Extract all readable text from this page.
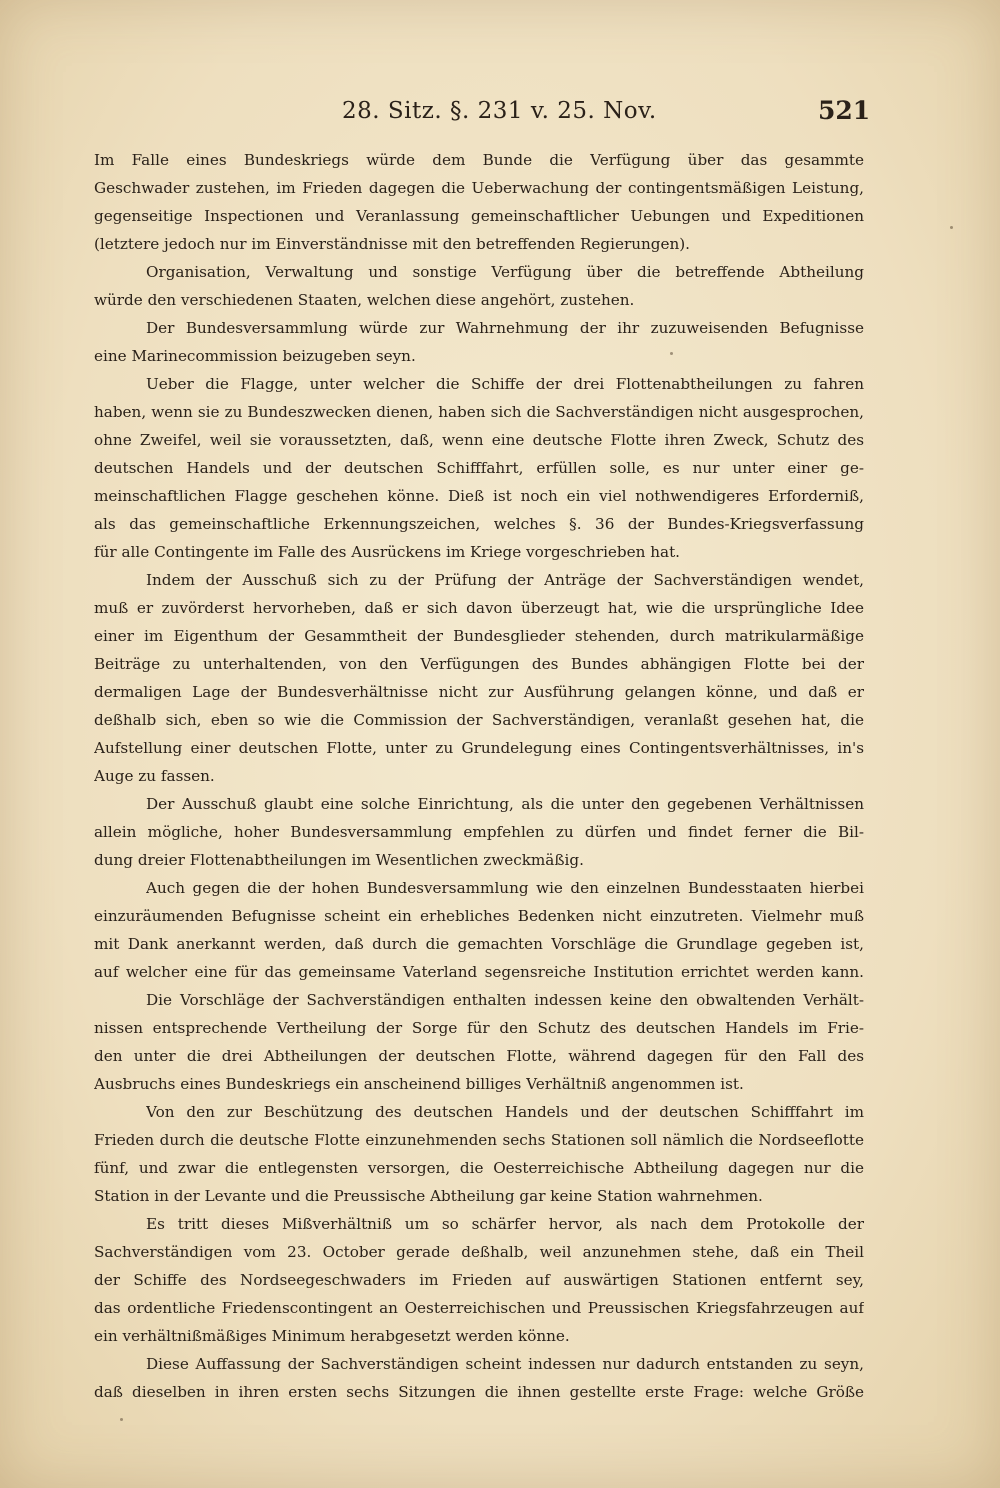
28. Sitz. §. 231 v. 25. Nov.	521
Im Falle eines Bundeskriegs würde dem Bunde die Verfügung über das gesammte
Geschwader zustehen, im Frieden dagegen die Ueberwachung der contingentsmäßigen Leistung,
gegenseitige Inspectionen und Veranlassung gemeinschaftlicher Uebungen und Expeditionen
(letztere jedoch nur im Einverständnisse mit den betreffenden Regierungen).
Organisation, Verwaltung und sonstige Verfügung über die betreffende Abtheilung
würde den verschiedenen Staaten, welchen diese angehört, zustehen.
Der Bundesversammlung würde zur Wahrnehmung der ihr zuzuweisenden Befugnisse
eine Marinecommission beizugeben seyn.
Ueber die Flagge, unter welcher die Schiffe der drei Flottenabtheilungen zu fahren
haben, wenn sie zu Bundeszwecken dienen, haben sich die Sachverständigen nicht ausgesprochen,
ohne Zweifel, weil sie voraussetzten, daß, wenn eine deutsche Flotte ihren Zweck, Schutz des
deutschen Handels und der deutschen Schifffahrt, erfüllen solle, es nur unter einer ge-
meinschaftlichen Flagge geschehen könne. Dieß ist noch ein viel nothwendigeres Erforderniß,
als das gemeinschaftliche Erkennungszeichen, welches §. 36 der Bundes-Kriegsverfassung
für alle Contingente im Falle des Ausrückens im Kriege vorgeschrieben hat.
Indem der Ausschuß sich zu der Prüfung der Anträge der Sachverständigen wendet,
muß er zuvörderst hervorheben, daß er sich davon überzeugt hat, wie die ursprüngliche Idee
einer im Eigenthum der Gesammtheit der Bundesglieder stehenden, durch matrikularmäßige
Beiträge zu unterhaltenden, von den Verfügungen des Bundes abhängigen Flotte bei der
dermaligen Lage der Bundesverhältnisse nicht zur Ausführung gelangen könne, und daß er
deßhalb sich, eben so wie die Commission der Sachverständigen, veranlaßt gesehen hat, die
Aufstellung einer deutschen Flotte, unter zu Grundelegung eines Contingentsverhältnisses, in's
Auge zu fassen.
Der Ausschuß glaubt eine solche Einrichtung, als die unter den gegebenen Verhältnissen
allein mögliche, hoher Bundesversammlung empfehlen zu dürfen und findet ferner die Bil-
dung dreier Flottenabtheilungen im Wesentlichen zweckmäßig.
Auch gegen die der hohen Bundesversammlung wie den einzelnen Bundesstaaten hierbei
einzuräumenden Befugnisse scheint ein erhebliches Bedenken nicht einzutreten. Vielmehr muß
mit Dank anerkannt werden, daß durch die gemachten Vorschläge die Grundlage gegeben ist,
auf welcher eine für das gemeinsame Vaterland segensreiche Institution errichtet werden kann.
Die Vorschläge der Sachverständigen enthalten indessen keine den obwaltenden Verhält-
nissen entsprechende Vertheilung der Sorge für den Schutz des deutschen Handels im Frie-
den unter die drei Abtheilungen der deutschen Flotte, während dagegen für den Fall des
Ausbruchs eines Bundeskriegs ein anscheinend billiges Verhältniß angenommen ist.
Von den zur Beschützung des deutschen Handels und der deutschen Schifffahrt im
Frieden durch die deutsche Flotte einzunehmenden sechs Stationen soll nämlich die Nordseeflotte
fünf, und zwar die entlegensten versorgen, die Oesterreichische Abtheilung dagegen nur die
Station in der Levante und die Preussische Abtheilung gar keine Station wahrnehmen.
Es tritt dieses Mißverhältniß um so schärfer hervor, als nach dem Protokolle der
Sachverständigen vom 23. October gerade deßhalb, weil anzunehmen stehe, daß ein Theil
der Schiffe des Nordseegeschwaders im Frieden auf auswärtigen Stationen entfernt sey,
das ordentliche Friedenscontingent an Oesterreichischen und Preussischen Kriegsfahrzeugen auf
ein verhältnißmäßiges Minimum herabgesetzt werden könne.
Diese Auffassung der Sachverständigen scheint indessen nur dadurch entstanden zu seyn,
daß dieselben in ihren ersten sechs Sitzungen die ihnen gestellte erste Frage: welche Größe
